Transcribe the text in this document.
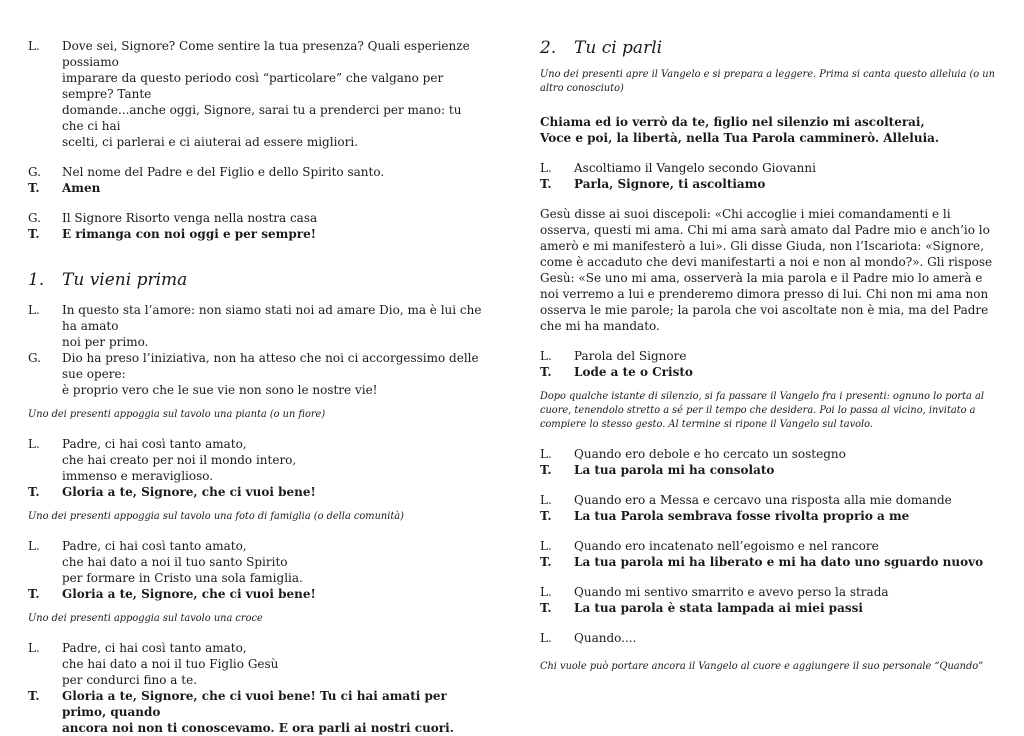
L.	Dove sei, Signore? Come sentire la tua presenza? Quali esperienze possiamo
imparare da questo periodo così “particolare” che valgano per sempre? Tante
domande...anche oggi, Signore, sarai tu a prenderci per mano: tu che ci hai
scelti, ci parlerai e ci aiuterai ad essere migliori.
G.	Nel nome del Padre e del Figlio e dello Spirito santo.
T.	Amen
G.	Il Signore Risorto venga nella nostra casa
T.	E rimanga con noi oggi e per sempre!
1.	Tu vieni prima
L.	In questo sta l’amore: non siamo stati noi ad amare Dio, ma è lui che ha amato
noi per primo.
G.	Dio ha preso l’iniziativa, non ha atteso che noi ci accorgessimo delle sue opere:
è proprio vero che le sue vie non sono le nostre vie!
Uno dei presenti appoggia sul tavolo una pianta (o un fiore)
L.	Padre, ci hai così tanto amato,
che hai creato per noi il mondo intero,
immenso e meraviglioso.
T.	Gloria a te, Signore, che ci vuoi bene!
Uno dei presenti appoggia sul tavolo una foto di famiglia (o della comunità)
L.	Padre, ci hai così tanto amato,
che hai dato a noi il tuo santo Spirito
per formare in Cristo una sola famiglia.
T.	Gloria a te, Signore, che ci vuoi bene!
Uno dei presenti appoggia sul tavolo una croce
L.	Padre, ci hai così tanto amato,
che hai dato a noi il tuo Figlio Gesù
per condurci fino a te.
T.	Gloria a te, Signore, che ci vuoi bene! Tu ci hai amati per primo, quando
ancora noi non ti conoscevamo. E ora parli ai nostri cuori.
2.	Tu ci parli
Uno dei presenti apre il Vangelo e si prepara a leggere. Prima si canta questo alleluia (o un altro conosciuto)
Chiama ed io verrò da te, figlio nel silenzio mi ascolterai,
Voce e poi, la libertà, nella Tua Parola camminerò. Alleluia.
L.	Ascoltiamo il Vangelo secondo Giovanni
T.	Parla, Signore, ti ascoltiamo
Gesù disse ai suoi discepoli: «Chi accoglie i miei comandamenti e li osserva, questi mi ama. Chi mi ama sarà amato dal Padre mio e anch’io lo amerò e mi manifesterò a lui». Gli disse Giuda, non l’Iscariota: «Signore, come è accaduto che devi manifestarti a noi e non al mondo?». Gli rispose Gesù: «Se uno mi ama, osserverà la mia parola e il Padre mio lo amerà e noi verremo a lui e prenderemo dimora presso di lui. Chi non mi ama non osserva le mie parole; la parola che voi ascoltate non è mia, ma del Padre che mi ha mandato.
L.	Parola del Signore
T.	Lode a te o Cristo
Dopo qualche istante di silenzio, si fa passare il Vangelo fra i presenti: ognuno lo porta al cuore, tenendolo stretto a sé per il tempo che desidera. Poi lo passa al vicino, invitato a compiere lo stesso gesto. Al termine si ripone il Vangelo sul tavolo.
L.	Quando ero debole e ho cercato un sostegno
T.	La tua parola mi ha consolato
L.	Quando ero a Messa e cercavo una risposta alla mie domande
T.	La tua Parola sembrava fosse rivolta proprio a me
L.	Quando ero incatenato nell’egoismo e nel rancore
T.	La tua parola mi ha liberato e mi ha dato uno sguardo nuovo
L.	Quando mi sentivo smarrito e avevo perso la strada
T.	La tua parola è stata lampada ai miei passi
L.	Quando....
Chi vuole può portare ancora il Vangelo al cuore e aggiungere il suo personale “Quando”
